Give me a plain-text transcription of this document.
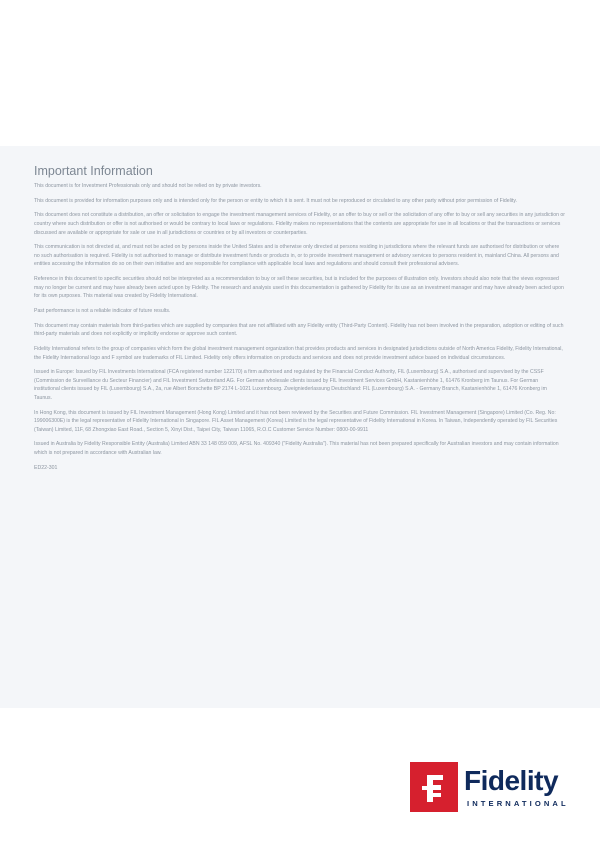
Important Information

This document is for Investment Professionals only and should not be relied on by private investors.

This document is provided for information purposes only and is intended only for the person or entity to which it is sent. It must not be reproduced or circulated to any other party without prior permission of Fidelity.

This document does not constitute a distribution, an offer or solicitation to engage the investment management services of Fidelity, or an offer to buy or sell or the solicitation of any offer to buy or sell any securities in any jurisdiction or country where such distribution or offer is not authorised or would be contrary to local laws or regulations. Fidelity makes no representations that the contents are appropriate for use in all locations or that the transactions or services discussed are available or appropriate for sale or use in all jurisdictions or countries or by all investors or counterparties.

This communication is not directed at, and must not be acted on by persons inside the United States and is otherwise only directed at persons residing in jurisdictions where the relevant funds are authorised for distribution or where no such authorisation is required. Fidelity is not authorised to manage or distribute investment funds or products in, or to provide investment management or advisory services to persons resident in, mainland China. All persons and entities accessing the information do so on their own initiative and are responsible for compliance with applicable local laws and regulations and should consult their professional advisers.

Reference in this document to specific securities should not be interpreted as a recommendation to buy or sell these securities, but is included for the purposes of illustration only. Investors should also note that the views expressed may no longer be current and may have already been acted upon by Fidelity. The research and analysis used in this documentation is gathered by Fidelity for its use as an investment manager and may have already been acted upon for its own purposes. This material was created by Fidelity International.

Past performance is not a reliable indicator of future results.

This document may contain materials from third-parties which are supplied by companies that are not affiliated with any Fidelity entity (Third-Party Content). Fidelity has not been involved in the preparation, adoption or editing of such third-party materials and does not explicitly or implicitly endorse or approve such content.

Fidelity International refers to the group of companies which form the global investment management organization that provides products and services in designated jurisdictions outside of North America Fidelity, Fidelity International, the Fidelity International logo and F symbol are trademarks of FIL Limited. Fidelity only offers information on products and services and does not provide investment advice based on individual circumstances.

Issued in Europe: Issued by FIL Investments International (FCA registered number 122170) a firm authorised and regulated by the Financial Conduct Authority, FIL (Luxembourg) S.A., authorised and supervised by the CSSF (Commission de Surveillance du Secteur Financier) and FIL Investment Switzerland AG. For German wholesale clients issued by FIL Investment Services GmbH, Kastanienhöhe 1, 61476 Kronberg im Taunus. For German institutional clients issued by FIL (Luxembourg) S.A., 2a, rue Albert Borschette BP 2174 L-1021 Luxembourg. Zweigniederlassung Deutschland: FIL (Luxembourg) S.A. - Germany Branch, Kastanienhöhe 1, 61476 Kronberg im Taunus.

In Hong Kong, this document is issued by FIL Investment Management (Hong Kong) Limited and it has not been reviewed by the Securities and Future Commission. FIL Investment Management (Singapore) Limited (Co. Reg. No: 199006300E) is the legal representative of Fidelity International in Singapore. FIL Asset Management (Korea) Limited is the legal representative of Fidelity International in Korea. In Taiwan, Independently operated by FIL Securities (Taiwan) Limited, 11F, 68 Zhongxiao East Road., Section 5, Xinyi Dist., Taipei City, Taiwan 11065, R.O.C Customer Service Number: 0800-00-9911

Issued in Australia by Fidelity Responsible Entity (Australia) Limited ABN 33 148 059 009, AFSL No. 409340 ("Fidelity Australia"). This material has not been prepared specifically for Australian investors and may contain information which is not prepared in accordance with Australian law.

ED22-301

Fidelity
INTERNATIONAL
